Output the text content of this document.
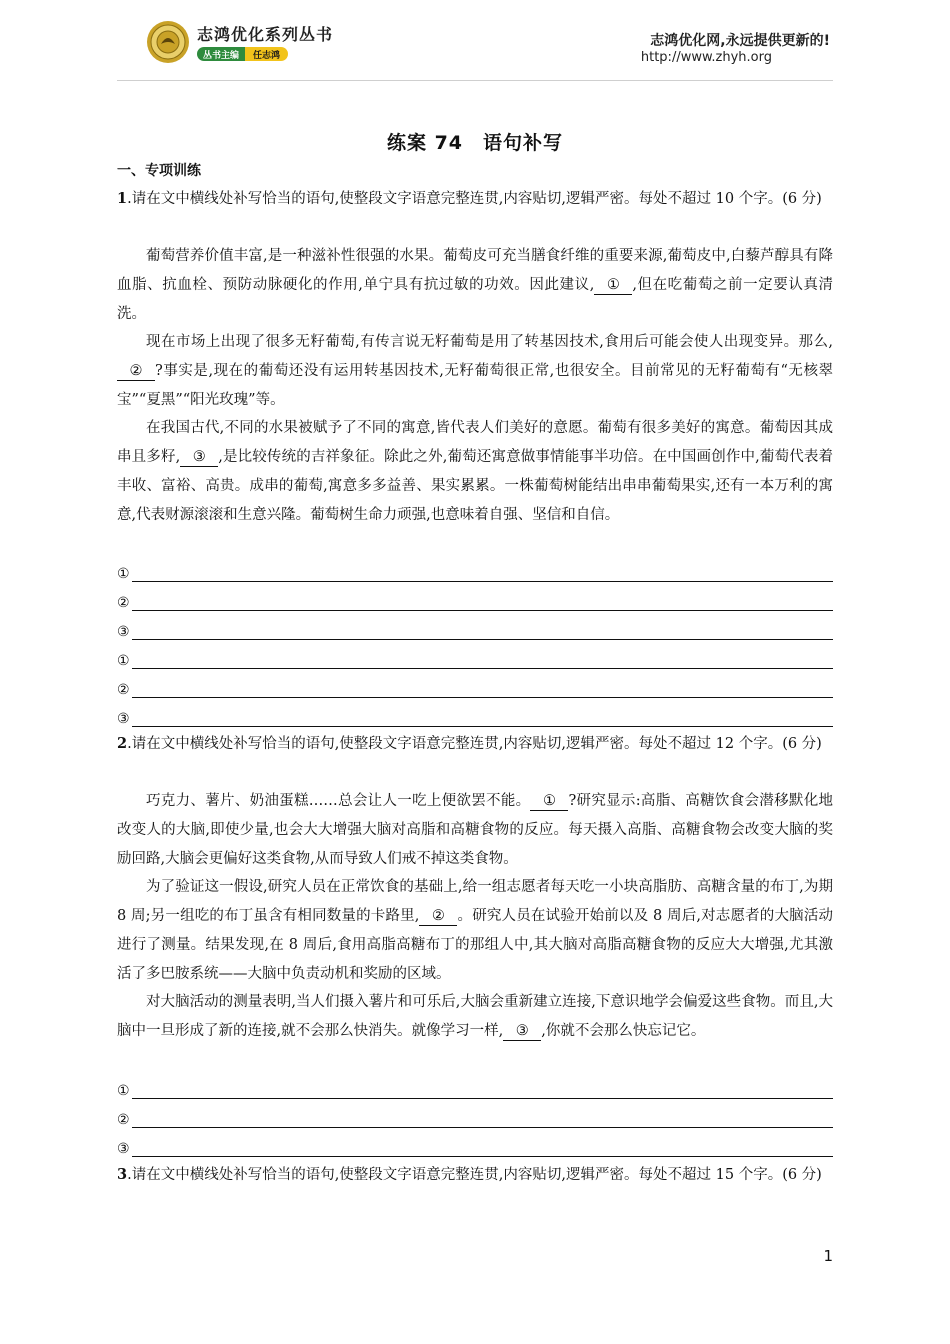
志鸿优化系列丛书
丛书主编	任志鸿
志鸿优化网,永远提供更新的!
http://www.zhyh.org
练案 74　语句补写
一、专项训练
1.请在文中横线处补写恰当的语句,使整段文字语意完整连贯,内容贴切,逻辑严密。每处不超过 10 个字。(6 分)
葡萄营养价值丰富,是一种滋补性很强的水果。葡萄皮可充当膳食纤维的重要来源,葡萄皮中,白藜芦醇具有降血脂、抗血栓、预防动脉硬化的作用,单宁具有抗过敏的功效。因此建议, ① ,但在吃葡萄之前一定要认真清洗。
现在市场上出现了很多无籽葡萄,有传言说无籽葡萄是用了转基因技术,食用后可能会使人出现变异。那么,② ?事实是,现在的葡萄还没有运用转基因技术,无籽葡萄很正常,也很安全。目前常见的无籽葡萄有“无核翠宝”“夏黑”“阳光玫瑰”等。
在我国古代,不同的水果被赋予了不同的寓意,皆代表人们美好的意愿。葡萄有很多美好的寓意。葡萄因其成串且多籽, ③ ,是比较传统的吉祥象征。除此之外,葡萄还寓意做事情能事半功倍。在中国画创作中,葡萄代表着丰收、富裕、高贵。成串的葡萄,寓意多多益善、果实累累。一株葡萄树能结出串串葡萄果实,还有一本万利的寓意,代表财源滚滚和生意兴隆。葡萄树生命力顽强,也意味着自强、坚信和自信。
①
②
③
①
②
③
2.请在文中横线处补写恰当的语句,使整段文字语意完整连贯,内容贴切,逻辑严密。每处不超过 12 个字。(6 分)
巧克力、薯片、奶油蛋糕……总会让人一吃上便欲罢不能。 ① ?研究显示:高脂、高糖饮食会潜移默化地改变人的大脑,即使少量,也会大大增强大脑对高脂和高糖食物的反应。每天摄入高脂、高糖食物会改变大脑的奖励回路,大脑会更偏好这类食物,从而导致人们戒不掉这类食物。
为了验证这一假设,研究人员在正常饮食的基础上,给一组志愿者每天吃一小块高脂肪、高糖含量的布丁,为期 8 周;另一组吃的布丁虽含有相同数量的卡路里, ② 。研究人员在试验开始前以及 8 周后,对志愿者的大脑活动进行了测量。结果发现,在 8 周后,食用高脂高糖布丁的那组人中,其大脑对高脂高糖食物的反应大大增强,尤其激活了多巴胺系统——大脑中负责动机和奖励的区域。
对大脑活动的测量表明,当人们摄入薯片和可乐后,大脑会重新建立连接,下意识地学会偏爱这些食物。而且,大脑中一旦形成了新的连接,就不会那么快消失。就像学习一样, ③ ,你就不会那么快忘记它。
①
②
③
3.请在文中横线处补写恰当的语句,使整段文字语意完整连贯,内容贴切,逻辑严密。每处不超过 15 个字。(6 分)
1
